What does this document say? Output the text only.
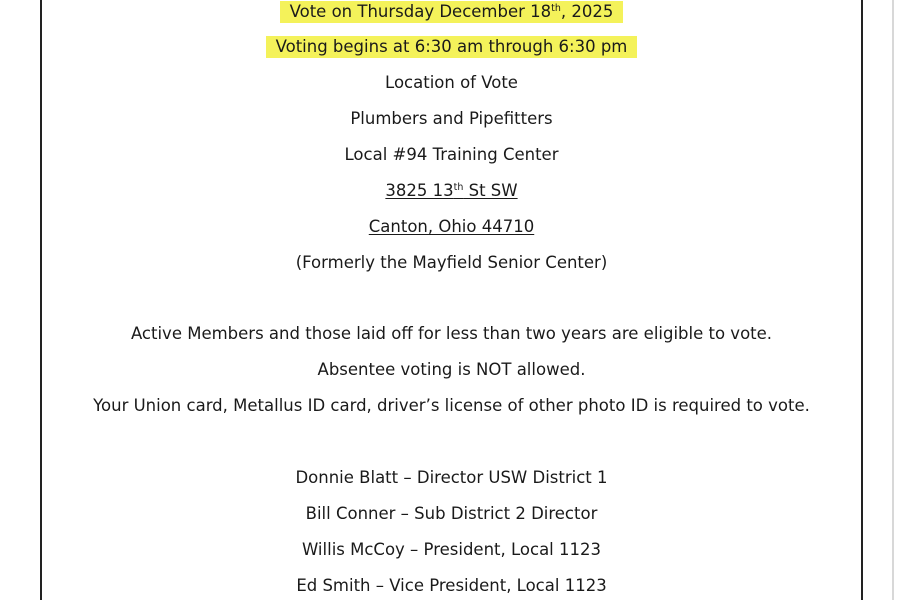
Vote on Thursday December 18th, 2025
Voting begins at 6:30 am through 6:30 pm
Location of Vote
Plumbers and Pipefitters
Local #94 Training Center
3825 13th St SW
Canton, Ohio 44710
(Formerly the Mayfield Senior Center)
Active Members and those laid off for less than two years are eligible to vote.
Absentee voting is NOT allowed.
Your Union card, Metallus ID card, driver’s license of other photo ID is required to vote.
Donnie Blatt – Director USW District 1
Bill Conner – Sub District 2 Director
Willis McCoy – President, Local 1123
Ed Smith – Vice President, Local 1123
